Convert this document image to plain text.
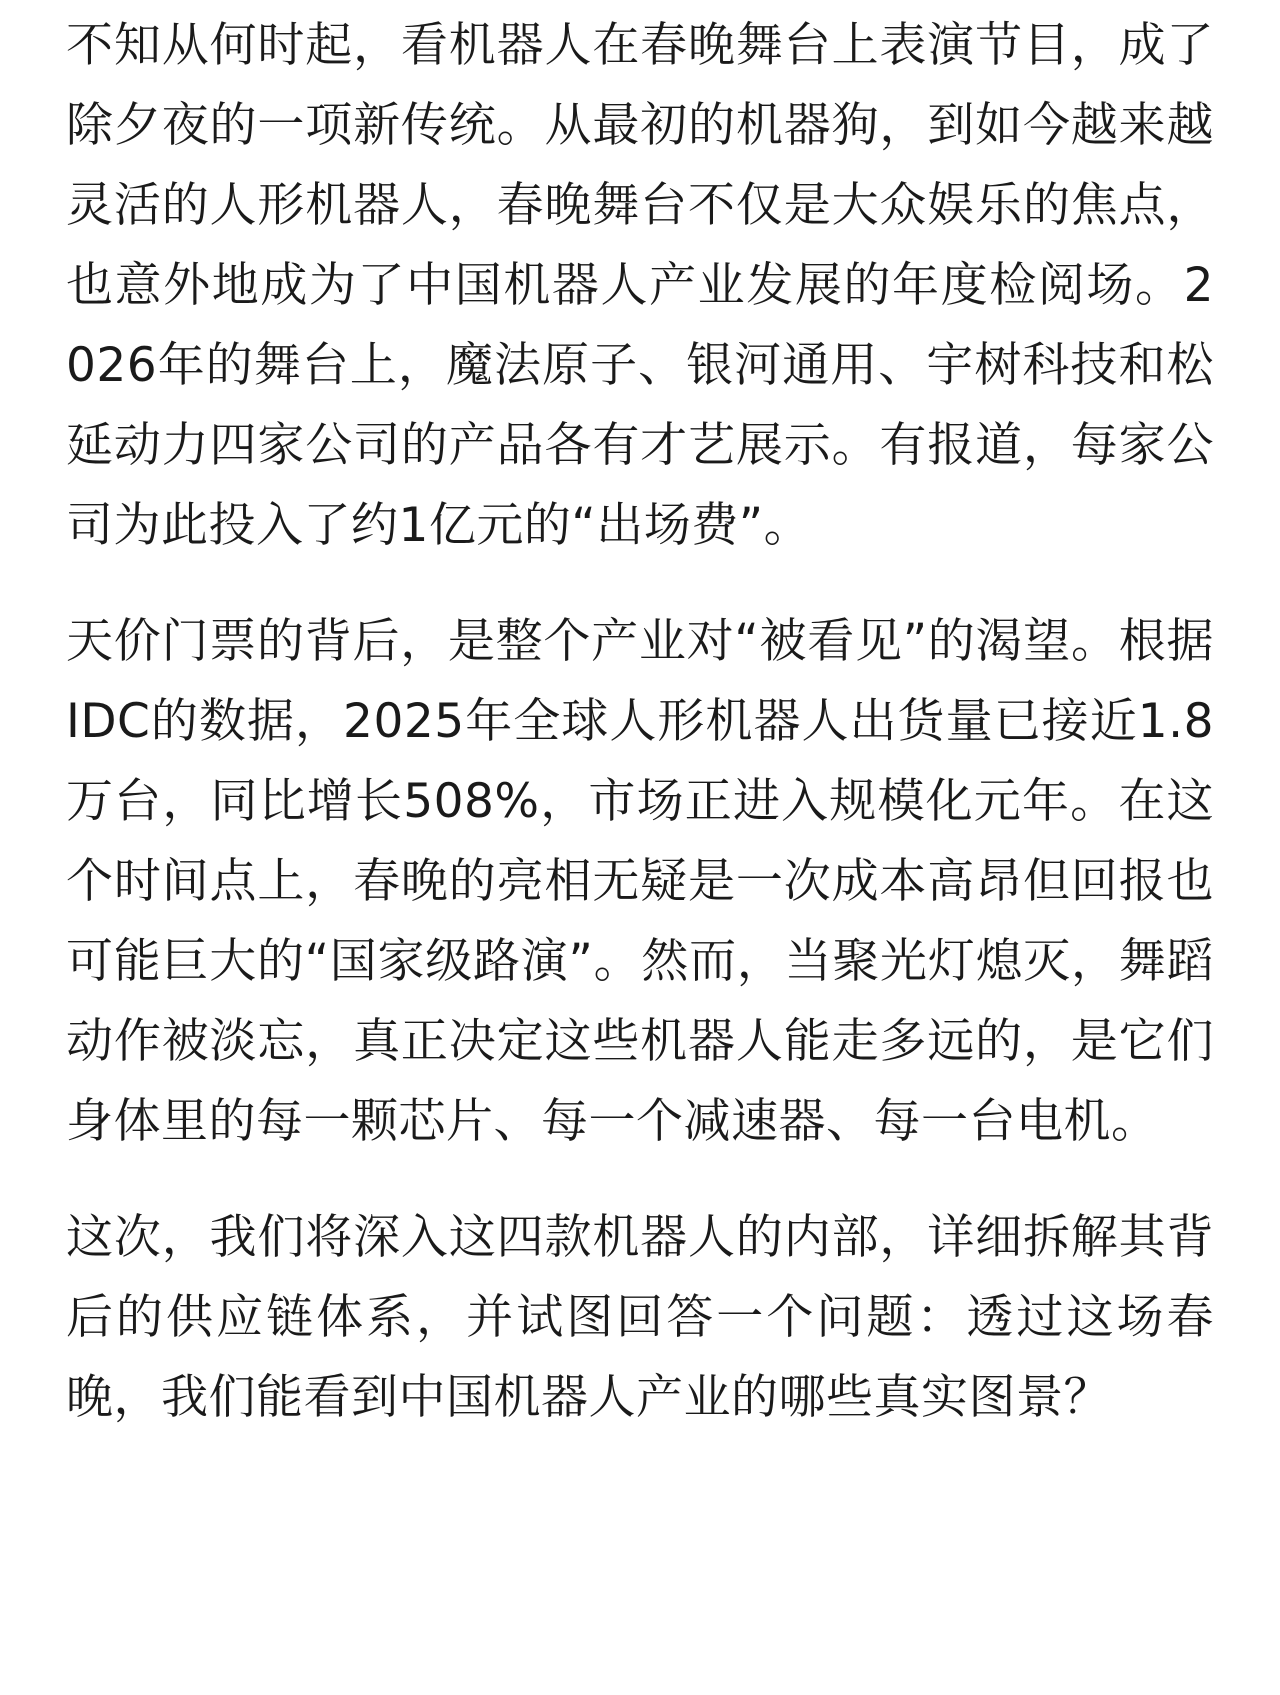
不知从何时起，看机器人在春晚舞台上表演节目，成了除夕夜的一项新传统。从最初的机器狗，到如今越来越灵活的人形机器人，春晚舞台不仅是大众娱乐的焦点，也意外地成为了中国机器人产业发展的年度检阅场。2026年的舞台上，魔法原子、银河通用、宇树科技和松延动力四家公司的产品各有才艺展示。有报道，每家公司为此投入了约1亿元的“出场费”。

天价门票的背后，是整个产业对“被看见”的渴望。根据IDC的数据，2025年全球人形机器人出货量已接近1.8万台，同比增长508%，市场正进入规模化元年。在这个时间点上，春晚的亮相无疑是一次成本高昂但回报也可能巨大的“国家级路演”。然而，当聚光灯熄灭，舞蹈动作被淡忘，真正决定这些机器人能走多远的，是它们身体里的每一颗芯片、每一个减速器、每一台电机。

这次，我们将深入这四款机器人的内部，详细拆解其背后的供应链体系，并试图回答一个问题：透过这场春晚，我们能看到中国机器人产业的哪些真实图景？
